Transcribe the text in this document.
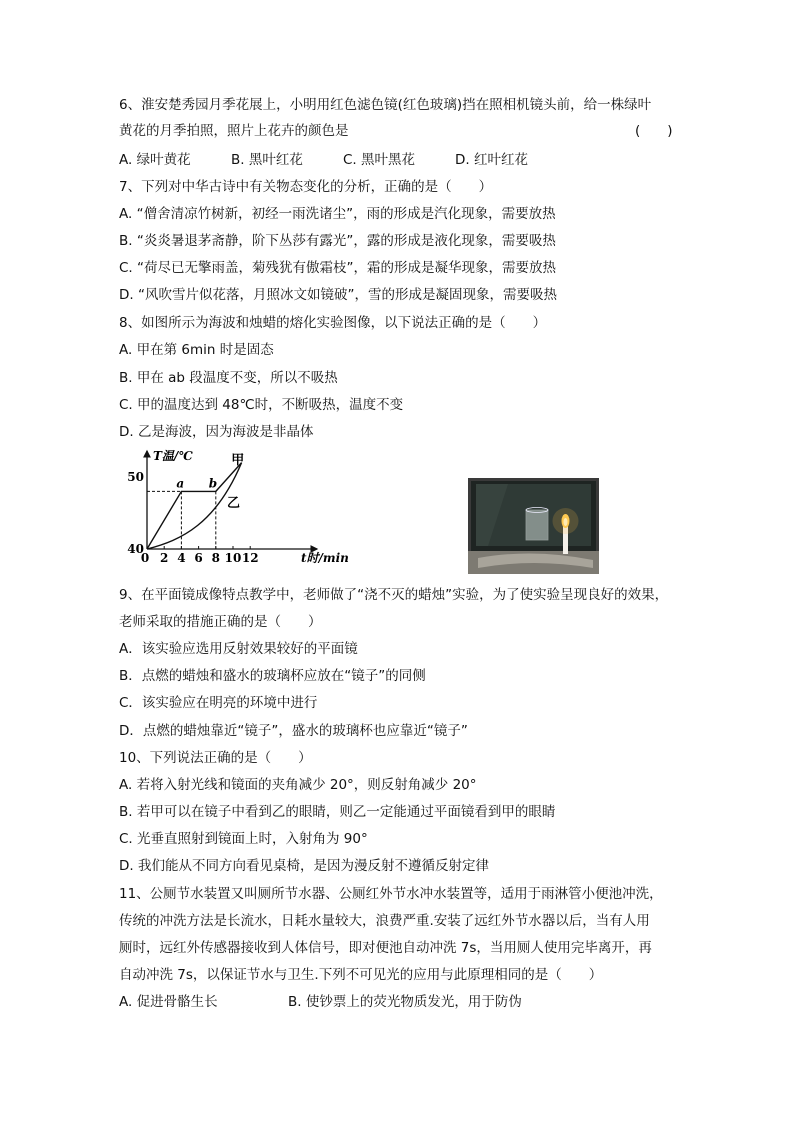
6、淮安楚秀园月季花展上，小明用红色滤色镜(红色玻璃)挡在照相机镜头前，给一株绿叶
黄花的月季拍照，照片上花卉的颜色是	(　　)
A. 绿叶黄花	B. 黑叶红花	C. 黑叶黑花	D. 红叶红花
7、下列对中华古诗中有关物态变化的分析，正确的是（　　）
A. “僧舍清凉竹树新，初经一雨洗诸尘”，雨的形成是汽化现象，需要放热
B. “炎炎暑退茅斋静，阶下丛莎有露光”，露的形成是液化现象，需要吸热
C. “荷尽已无擎雨盖，菊残犹有傲霜枝”，霜的形成是凝华现象，需要放热
D. “风吹雪片似花落，月照冰文如镜破”，雪的形成是凝固现象，需要吸热
8、如图所示为海波和烛蜡的熔化实验图像，以下说法正确的是（　　）
A. 甲在第 6min 时是固态
B. 甲在 ab 段温度不变，所以不吸热
C. 甲的温度达到 48℃时，不断吸热，温度不变
D. 乙是海波，因为海波是非晶体
40
50
0 2 4 6 8 10 12
T温/℃
t时/min
a b
甲
乙
9、在平面镜成像特点教学中，老师做了“浇不灭的蜡烛”实验，为了使实验呈现良好的效果，
老师采取的措施正确的是（　　）
A．该实验应选用反射效果较好的平面镜
B．点燃的蜡烛和盛水的玻璃杯应放在“镜子”的同侧
C．该实验应在明亮的环境中进行
D．点燃的蜡烛靠近“镜子”，盛水的玻璃杯也应靠近“镜子”
10、下列说法正确的是（　　）
A. 若将入射光线和镜面的夹角减少 20°，则反射角减少 20°
B. 若甲可以在镜子中看到乙的眼睛，则乙一定能通过平面镜看到甲的眼睛
C. 光垂直照射到镜面上时，入射角为 90°
D. 我们能从不同方向看见桌椅，是因为漫反射不遵循反射定律
11、公厕节水装置又叫厕所节水器、公厕红外节水冲水装置等，适用于雨淋管小便池冲洗，
传统的冲洗方法是长流水，日耗水量较大，浪费严重.安装了远红外节水器以后，当有人用
厕时，远红外传感器接收到人体信号，即对便池自动冲洗 7s，当用厕人使用完毕离开，再
自动冲洗 7s，以保证节水与卫生.下列不可见光的应用与此原理相同的是（　　）
A. 促进骨骼生长	B. 使钞票上的荧光物质发光，用于防伪
